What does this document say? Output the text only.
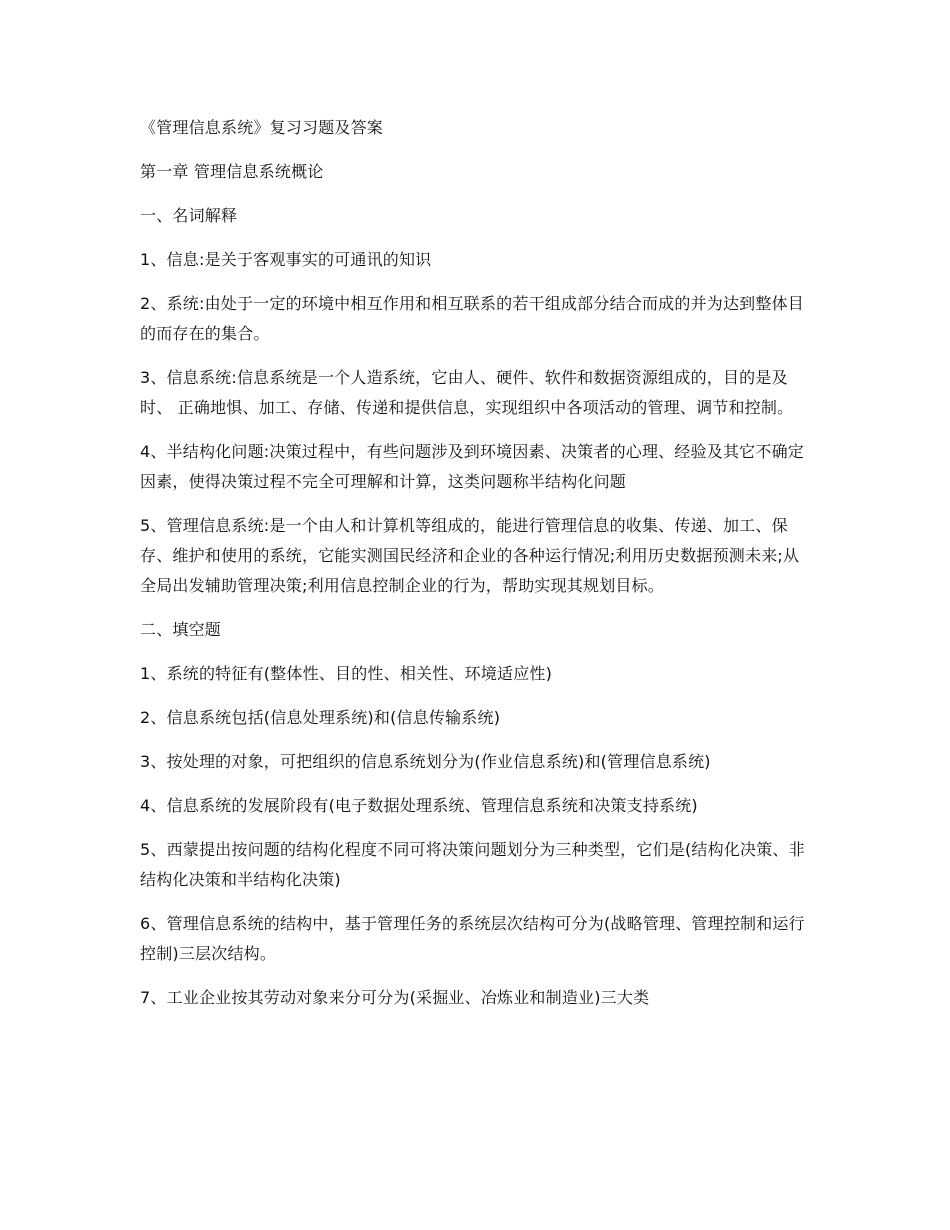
《管理信息系统》复习习题及答案

第一章 管理信息系统概论

一、名词解释

1、信息:是关于客观事实的可通讯的知识

2、系统:由处于一定的环境中相互作用和相互联系的若干组成部分结合而成的并为达到整体目的而存在的集合。

3、信息系统:信息系统是一个人造系统，它由人、硬件、软件和数据资源组成的，目的是及时、 正确地惧、加工、存储、传递和提供信息，实现组织中各项活动的管理、调节和控制。

4、半结构化问题:决策过程中，有些问题涉及到环境因素、决策者的心理、经验及其它不确定因素，使得决策过程不完全可理解和计算，这类问题称半结构化问题

5、管理信息系统:是一个由人和计算机等组成的，能进行管理信息的收集、传递、加工、保存、维护和使用的系统，它能实测国民经济和企业的各种运行情况;利用历史数据预测未来;从全局出发辅助管理决策;利用信息控制企业的行为，帮助实现其规划目标。

二、填空题

1、系统的特征有(整体性、目的性、相关性、环境适应性)

2、信息系统包括(信息处理系统)和(信息传输系统)

3、按处理的对象，可把组织的信息系统划分为(作业信息系统)和(管理信息系统)

4、信息系统的发展阶段有(电子数据处理系统、管理信息系统和决策支持系统)

5、西蒙提出按问题的结构化程度不同可将决策问题划分为三种类型，它们是(结构化决策、非结构化决策和半结构化决策)

6、管理信息系统的结构中，基于管理任务的系统层次结构可分为(战略管理、管理控制和运行控制)三层次结构。

7、工业企业按其劳动对象来分可分为(采掘业、冶炼业和制造业)三大类
